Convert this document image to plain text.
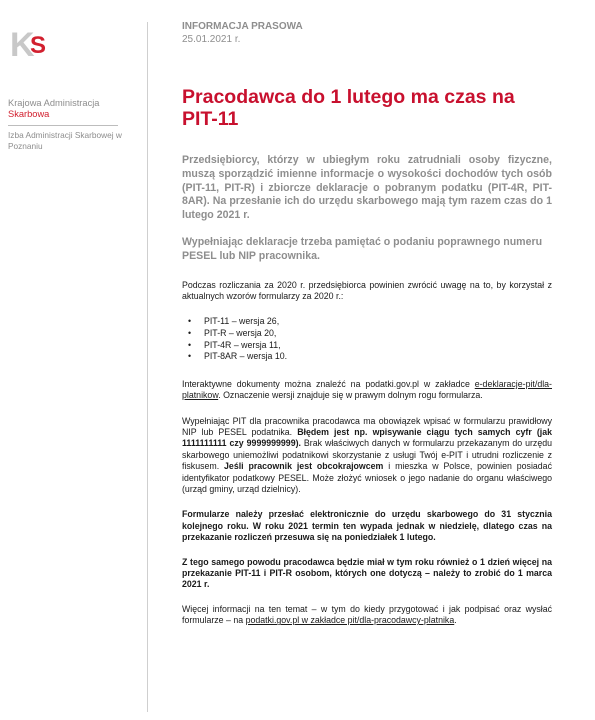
K S
Krajowa Administracja
Skarbowa
Izba Administracji Skarbowej w Poznaniu

INFORMACJA PRASOWA

25.01.2021 r.

Pracodawca do 1 lutego ma czas na PIT-11

Przedsiębiorcy, którzy w ubiegłym roku zatrudniali osoby fizyczne, muszą sporządzić imienne informacje o wysokości dochodów tych osób (PIT-11, PIT-R) i zbiorcze deklaracje o pobranym podatku (PIT-4R, PIT-8AR). Na przesłanie ich do urzędu skarbowego mają tym razem czas do 1 lutego 2021 r.

Wypełniając deklaracje trzeba pamiętać o podaniu poprawnego numeru PESEL lub NIP pracownika.

Podczas rozliczania za 2020 r. przedsiębiorca powinien zwrócić uwagę na to, by korzystał z aktualnych wzorów formularzy za 2020 r.:

• PIT-11 – wersja 26,
• PIT-R – wersja 20,
• PIT-4R – wersja 11,
• PIT-8AR – wersja 10.

Interaktywne dokumenty można znaleźć na podatki.gov.pl w zakładce e-deklaracje-pit/dla-platnikow. Oznaczenie wersji znajduje się w prawym dolnym rogu formularza.

Wypełniając PIT dla pracownika pracodawca ma obowiązek wpisać w formularzu prawidłowy NIP lub PESEL podatnika. Błędem jest np. wpisywanie ciągu tych samych cyfr (jak 1111111111 czy 9999999999). Brak właściwych danych w formularzu przekazanym do urzędu skarbowego uniemożliwi podatnikowi skorzystanie z usługi Twój e-PIT i utrudni rozliczenie z fiskusem. Jeśli pracownik jest obcokrajowcem i mieszka w Polsce, powinien posiadać identyfikator podatkowy PESEL. Może złożyć wniosek o jego nadanie do organu właściwego (urząd gminy, urząd dzielnicy).

Formularze należy przesłać elektronicznie do urzędu skarbowego do 31 stycznia kolejnego roku. W roku 2021 termin ten wypada jednak w niedzielę, dlatego czas na przekazanie rozliczeń przesuwa się na poniedziałek 1 lutego.

Z tego samego powodu pracodawca będzie miał w tym roku również o 1 dzień więcej na przekazanie PIT-11 i PIT-R osobom, których one dotyczą – należy to zrobić do 1 marca 2021 r.

Więcej informacji na ten temat – w tym do kiedy przygotować i jak podpisać oraz wysłać formularze – na podatki.gov.pl w zakładce pit/dla-pracodawcy-platnika.
